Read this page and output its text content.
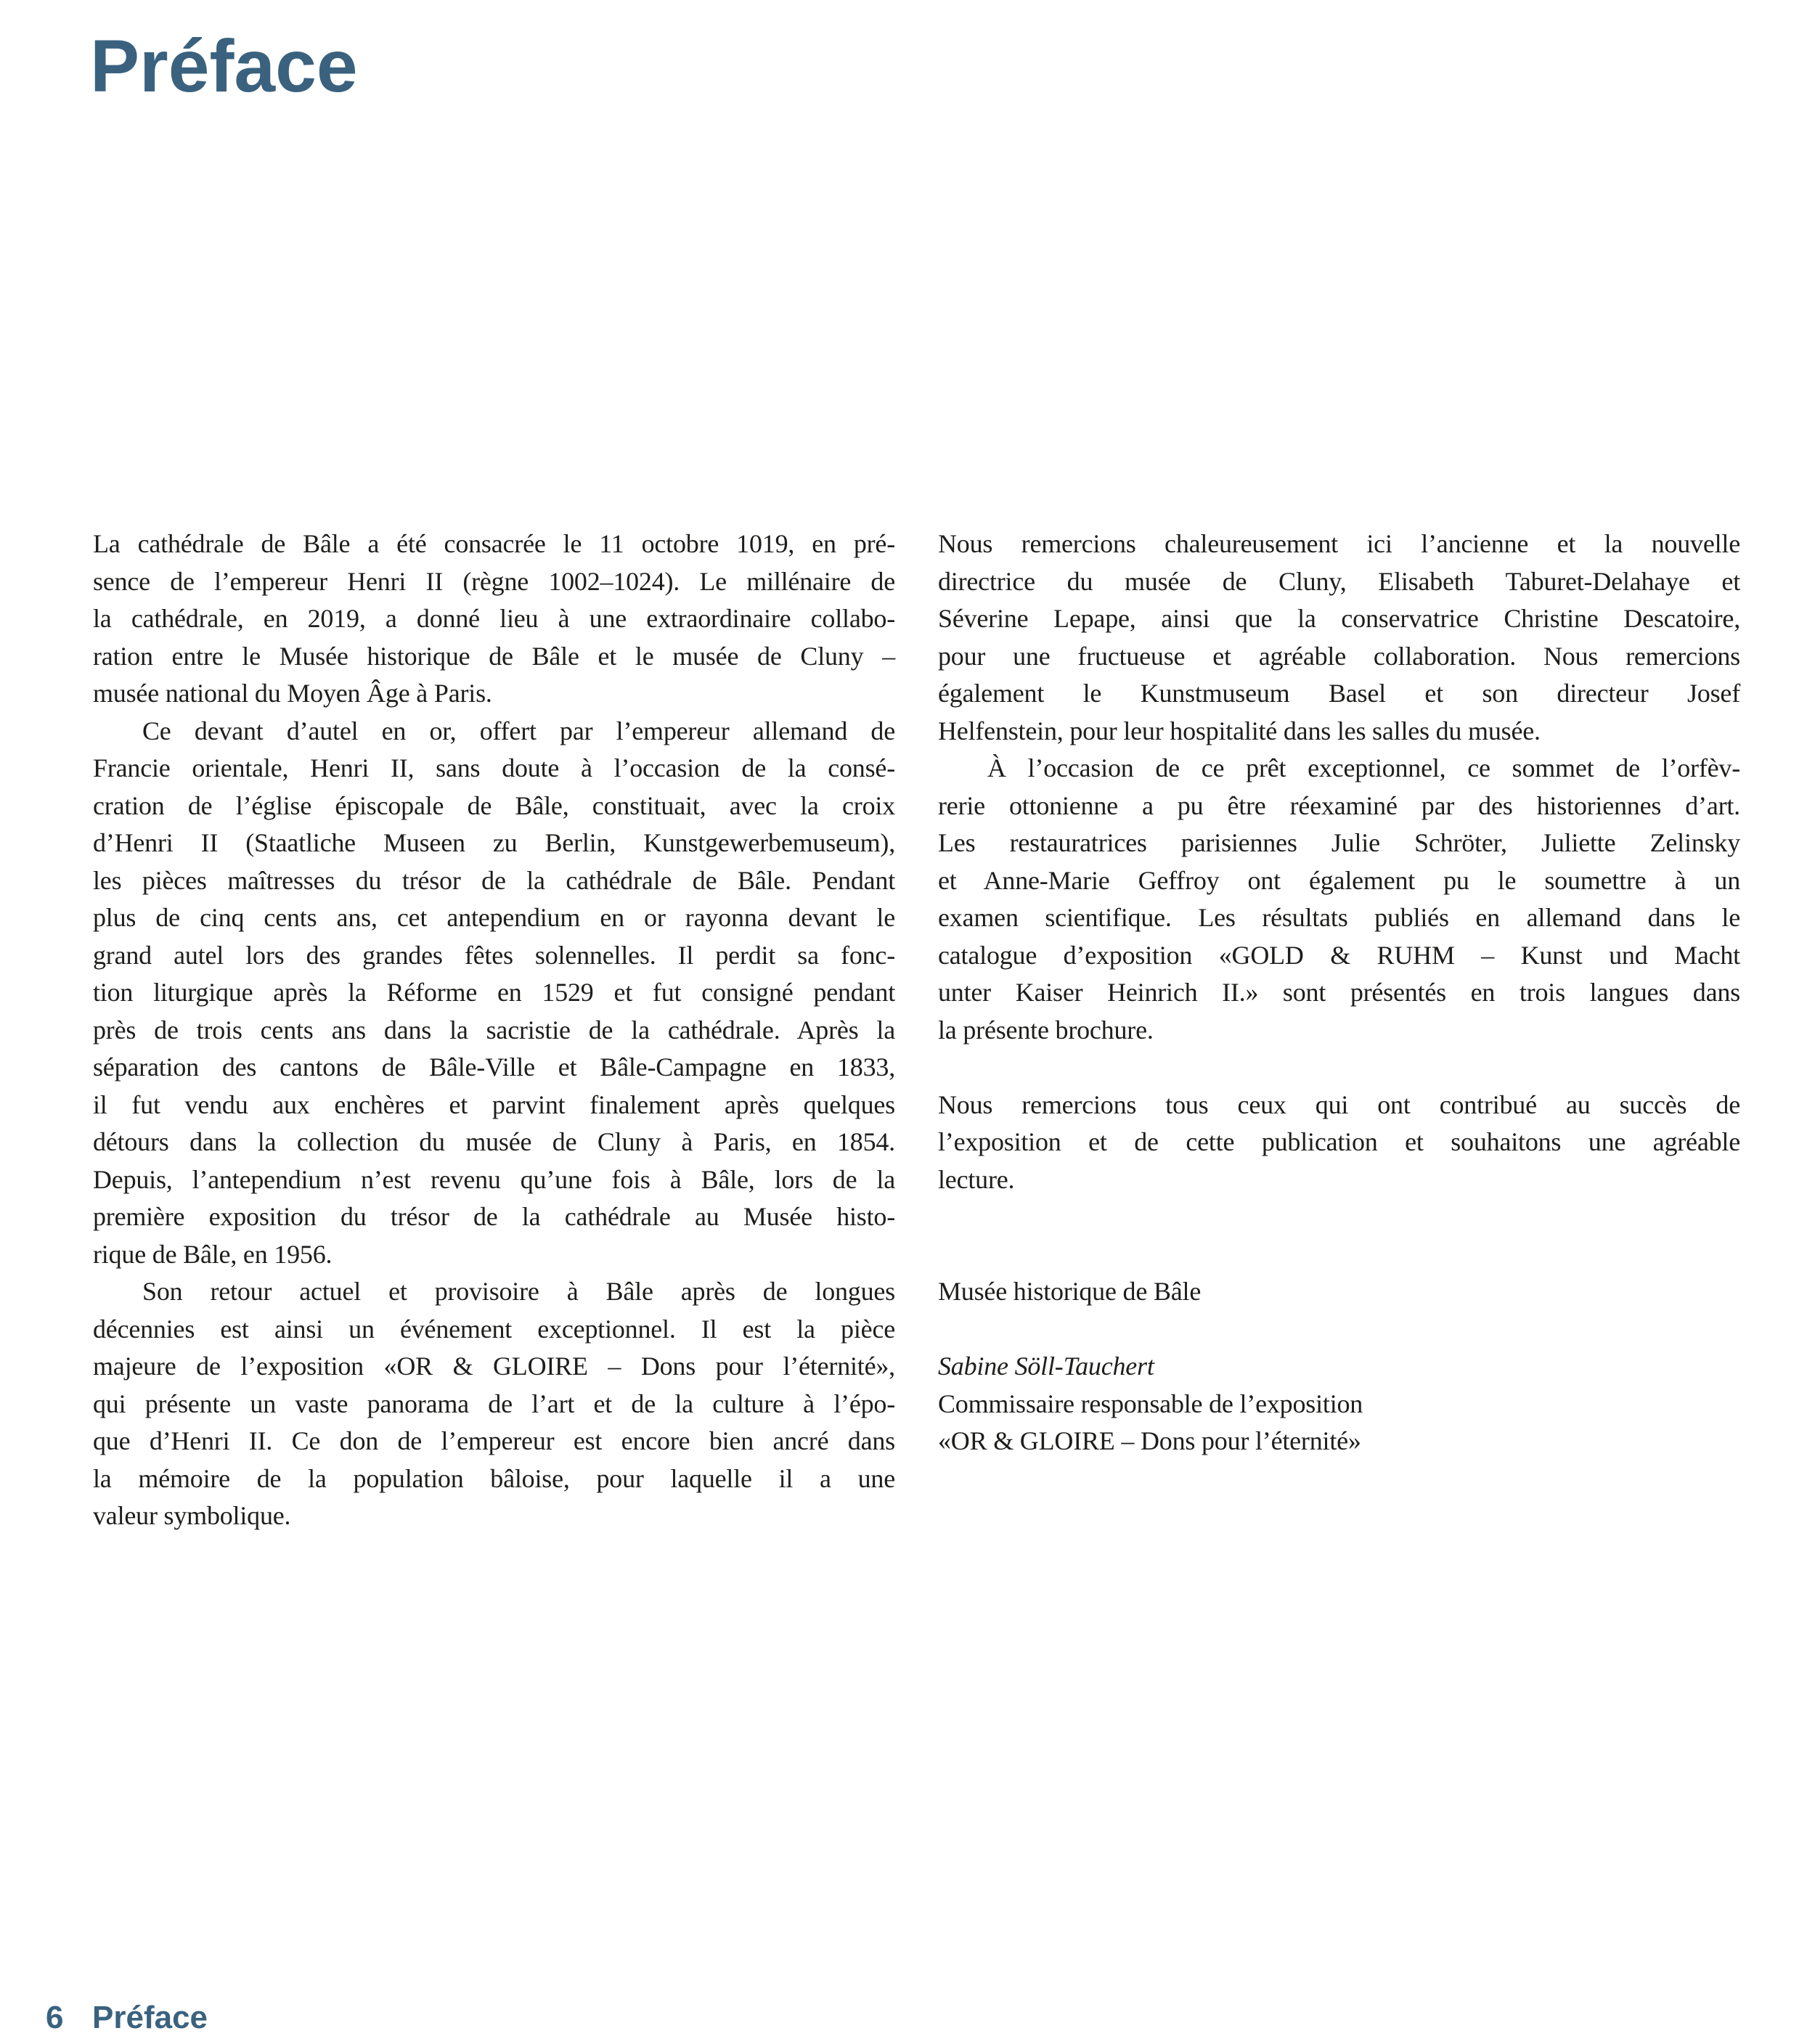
Préface
La cathédrale de Bâle a été consacrée le 11 octobre 1019, en pré-
sence de l’empereur Henri II (règne 1002–1024). Le millénaire de
la cathédrale, en 2019, a donné lieu à une extraordinaire collabo-
ration entre le Musée historique de Bâle et le musée de Cluny –
musée national du Moyen Âge à Paris.
Ce devant d’autel en or, offert par l’empereur allemand de
Francie orientale, Henri II, sans doute à l’occasion de la consé-
cration de l’église épiscopale de Bâle, constituait, avec la croix
d’Henri II (Staatliche Museen zu Berlin, Kunstgewerbemuseum),
les pièces maîtresses du trésor de la cathédrale de Bâle. Pendant
plus de cinq cents ans, cet antependium en or rayonna devant le
grand autel lors des grandes fêtes solennelles. Il perdit sa fonc-
tion liturgique après la Réforme en 1529 et fut consigné pendant
près de trois cents ans dans la sacristie de la cathédrale. Après la
séparation des cantons de Bâle-Ville et Bâle-Campagne en 1833,
il fut vendu aux enchères et parvint finalement après quelques
détours dans la collection du musée de Cluny à Paris, en 1854.
Depuis, l’antependium n’est revenu qu’une fois à Bâle, lors de la
première exposition du trésor de la cathédrale au Musée histo-
rique de Bâle, en 1956.
Son retour actuel et provisoire à Bâle après de longues
décennies est ainsi un événement exceptionnel. Il est la pièce
majeure de l’exposition «OR & GLOIRE – Dons pour l’éternité»,
qui présente un vaste panorama de l’art et de la culture à l’épo-
que d’Henri II. Ce don de l’empereur est encore bien ancré dans
la mémoire de la population bâloise, pour laquelle il a une
valeur symbolique.
Nous remercions chaleureusement ici l’ancienne et la nouvelle
directrice du musée de Cluny, Elisabeth Taburet-Delahaye et
Séverine Lepape, ainsi que la conservatrice Christine Descatoire,
pour une fructueuse et agréable collaboration. Nous remercions
également le Kunstmuseum Basel et son directeur Josef
Helfenstein, pour leur hospitalité dans les salles du musée.
À l’occasion de ce prêt exceptionnel, ce sommet de l’orfèv-
rerie ottonienne a pu être réexaminé par des historiennes d’art.
Les restauratrices parisiennes Julie Schröter, Juliette Zelinsky
et Anne-Marie Geffroy ont également pu le soumettre à un
examen scientifique. Les résultats publiés en allemand dans le
catalogue d’exposition «GOLD & RUHM – Kunst und Macht
unter Kaiser Heinrich II.» sont présentés en trois langues dans
la présente brochure.
Nous remercions tous ceux qui ont contribué au succès de
l’exposition et de cette publication et souhaitons une agréable
lecture.
Musée historique de Bâle
Sabine Söll-Tauchert
Commissaire responsable de l’exposition
«OR & GLOIRE – Dons pour l’éternité»
6 Préface
